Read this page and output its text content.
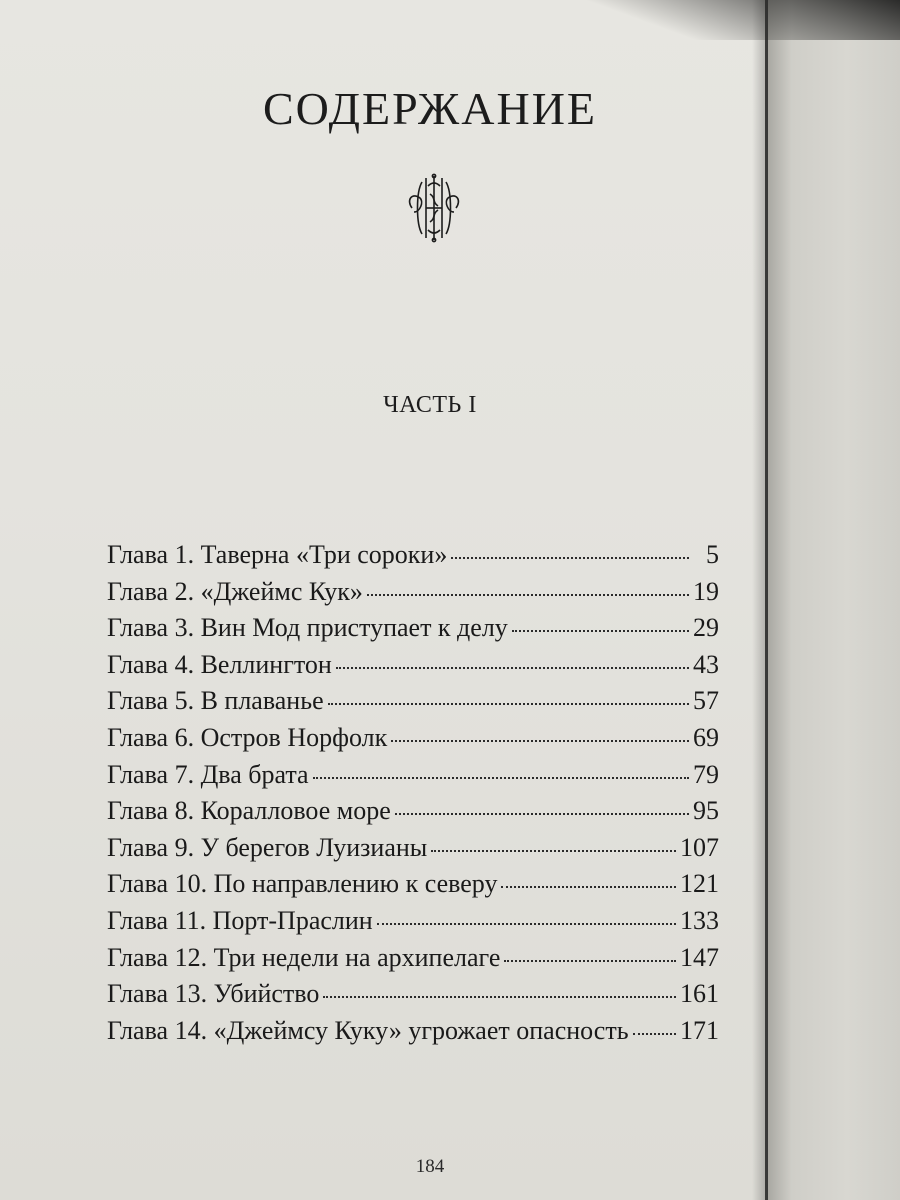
СОДЕРЖАНИЕ
ЧАСТЬ I
Глава 1. Таверна «Три сороки»	5
Глава 2. «Джеймс Кук»	19
Глава 3. Вин Мод приступает к делу	29
Глава 4. Веллингтон	43
Глава 5. В плаванье	57
Глава 6. Остров Норфолк	69
Глава 7. Два брата	79
Глава 8. Коралловое море	95
Глава 9. У берегов Луизианы	107
Глава 10. По направлению к северу	121
Глава 11. Порт-Праслин	133
Глава 12. Три недели на архипелаге	147
Глава 13. Убийство	161
Глава 14. «Джеймсу Куку» угрожает опасность 171
184
